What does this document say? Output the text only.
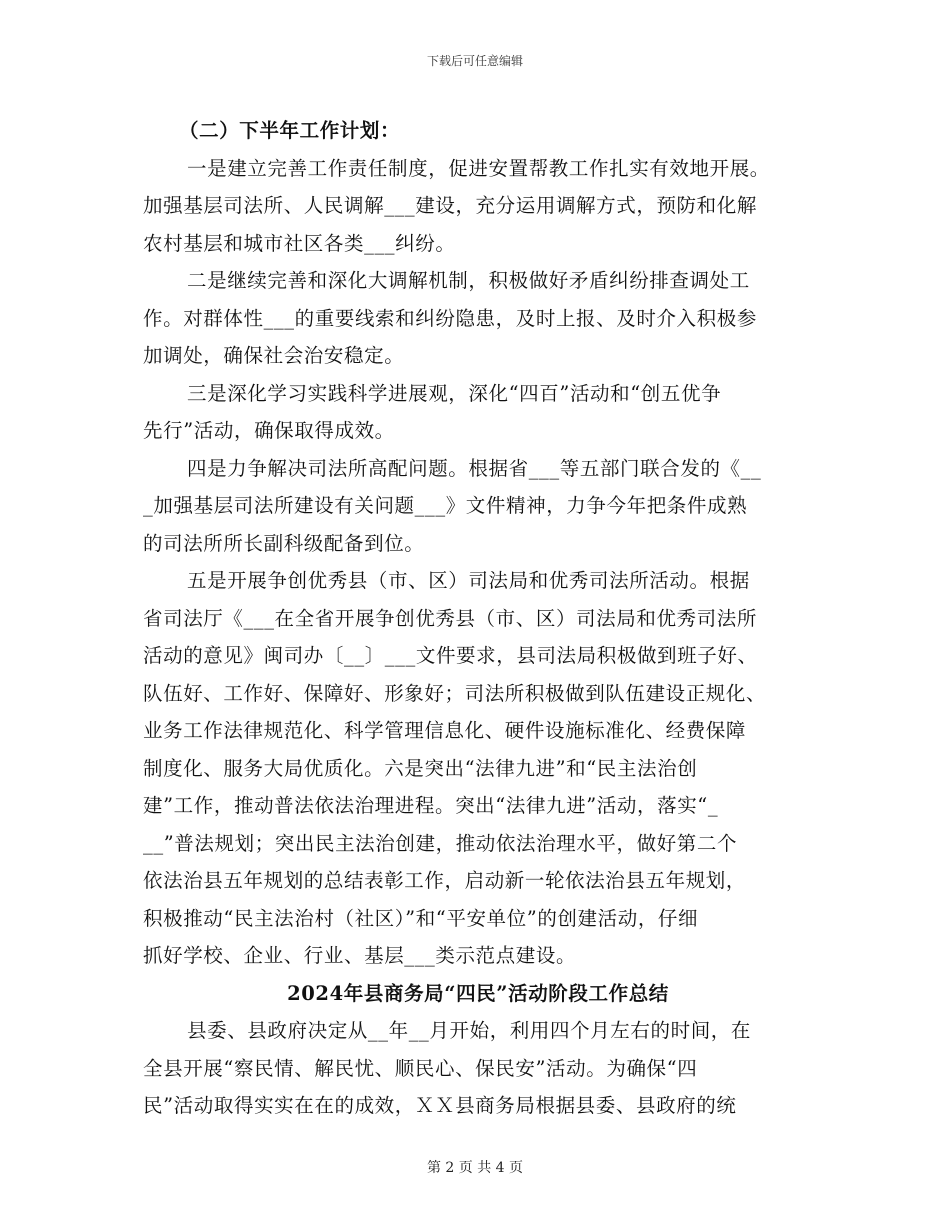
下载后可任意编辑
（二）下半年工作计划：
一是建立完善工作责任制度，促进安置帮教工作扎实有效地开展。
加强基层司法所、人民调解___建设，充分运用调解方式，预防和化解
农村基层和城市社区各类___纠纷。
二是继续完善和深化大调解机制，积极做好矛盾纠纷排查调处工
作。对群体性___的重要线索和纠纷隐患，及时上报、及时介入积极参
加调处，确保社会治安稳定。
三是深化学习实践科学进展观，深化“四百”活动和“创五优争
先行”活动，确保取得成效。
四是力争解决司法所高配问题。根据省___等五部门联合发的《__
_加强基层司法所建设有关问题___》文件精神，力争今年把条件成熟
的司法所所长副科级配备到位。
五是开展争创优秀县（市、区）司法局和优秀司法所活动。根据
省司法厅《___在全省开展争创优秀县（市、区）司法局和优秀司法所
活动的意见》闽司办〔__〕___文件要求，县司法局积极做到班子好、
队伍好、工作好、保障好、形象好；司法所积极做到队伍建设正规化、
业务工作法律规范化、科学管理信息化、硬件设施标准化、经费保障
制度化、服务大局优质化。六是突出“法律九进”和“民主法治创
建”工作，推动普法依法治理进程。突出“法律九进”活动，落实“_
__”普法规划；突出民主法治创建，推动依法治理水平，做好第二个
依法治县五年规划的总结表彰工作，启动新一轮依法治县五年规划，
积极推动“民主法治村（社区）”和“平安单位”的创建活动，仔细
抓好学校、企业、行业、基层___类示范点建设。
2024年县商务局“四民”活动阶段工作总结
县委、县政府决定从__年__月开始，利用四个月左右的时间，在
全县开展“察民情、解民忧、顺民心、保民安”活动。为确保“四
民”活动取得实实在在的成效，ＸＸ县商务局根据县委、县政府的统
第 2 页 共 4 页
